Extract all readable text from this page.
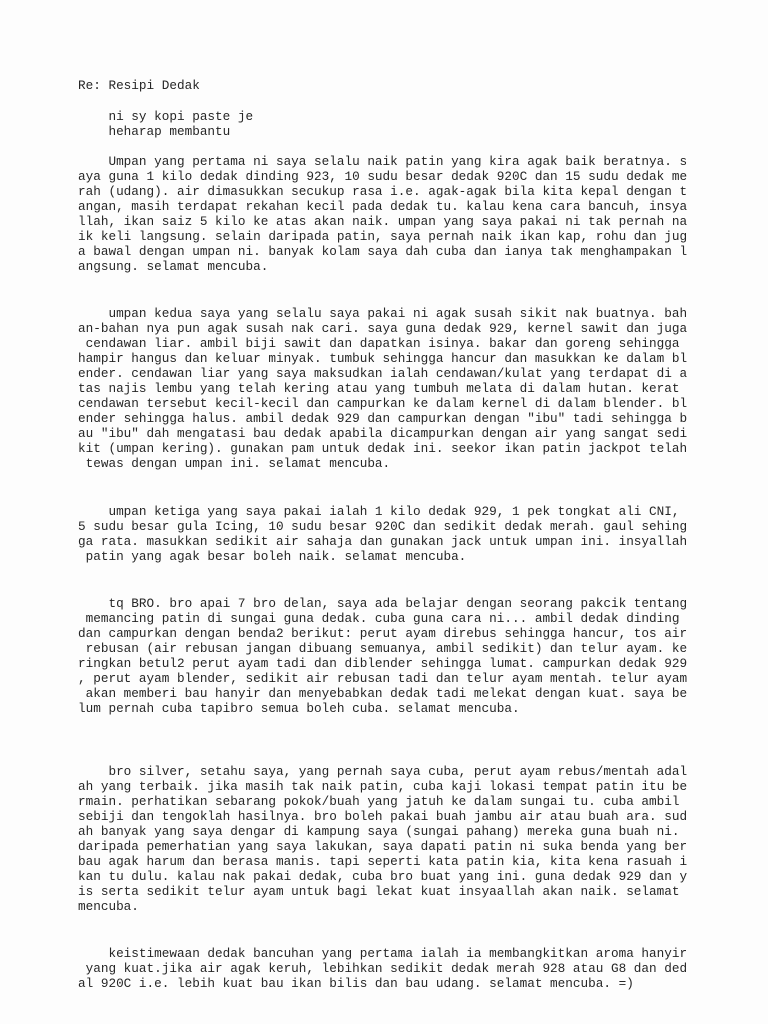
Re: Resipi Dedak

ni sy kopi paste je

heharap membantu

Umpan yang pertama ni saya selalu naik patin yang kira agak baik beratnya. s

aya guna 1 kilo dedak dinding 923, 10 sudu besar dedak 920C dan 15 sudu dedak me

rah (udang). air dimasukkan secukup rasa i.e. agak-agak bila kita kepal dengan t

angan, masih terdapat rekahan kecil pada dedak tu. kalau kena cara bancuh, insya

llah, ikan saiz 5 kilo ke atas akan naik. umpan yang saya pakai ni tak pernah na

ik keli langsung. selain daripada patin, saya pernah naik ikan kap, rohu dan jug

a bawal dengan umpan ni. banyak kolam saya dah cuba dan ianya tak menghampakan l

angsung. selamat mencuba.

umpan kedua saya yang selalu saya pakai ni agak susah sikit nak buatnya. bah

an-bahan nya pun agak susah nak cari. saya guna dedak 929, kernel sawit dan juga

cendawan liar. ambil biji sawit dan dapatkan isinya. bakar dan goreng sehingga

hampir hangus dan keluar minyak. tumbuk sehingga hancur dan masukkan ke dalam bl

ender. cendawan liar yang saya maksudkan ialah cendawan/kulat yang terdapat di a

tas najis lembu yang telah kering atau yang tumbuh melata di dalam hutan. kerat

cendawan tersebut kecil-kecil dan campurkan ke dalam kernel di dalam blender. bl

ender sehingga halus. ambil dedak 929 dan campurkan dengan "ibu" tadi sehingga b

au "ibu" dah mengatasi bau dedak apabila dicampurkan dengan air yang sangat sedi

kit (umpan kering). gunakan pam untuk dedak ini. seekor ikan patin jackpot telah

tewas dengan umpan ini. selamat mencuba.

umpan ketiga yang saya pakai ialah 1 kilo dedak 929, 1 pek tongkat ali CNI,

5 sudu besar gula Icing, 10 sudu besar 920C dan sedikit dedak merah. gaul sehing

ga rata. masukkan sedikit air sahaja dan gunakan jack untuk umpan ini. insyallah

patin yang agak besar boleh naik. selamat mencuba.

tq BRO. bro apai 7 bro delan, saya ada belajar dengan seorang pakcik tentang

memancing patin di sungai guna dedak. cuba guna cara ni... ambil dedak dinding

dan campurkan dengan benda2 berikut: perut ayam direbus sehingga hancur, tos air

rebusan (air rebusan jangan dibuang semuanya, ambil sedikit) dan telur ayam. ke

ringkan betul2 perut ayam tadi dan diblender sehingga lumat. campurkan dedak 929

, perut ayam blender, sedikit air rebusan tadi dan telur ayam mentah. telur ayam

akan memberi bau hanyir dan menyebabkan dedak tadi melekat dengan kuat. saya be

lum pernah cuba tapibro semua boleh cuba. selamat mencuba.

bro silver, setahu saya, yang pernah saya cuba, perut ayam rebus/mentah adal

ah yang terbaik. jika masih tak naik patin, cuba kaji lokasi tempat patin itu be

rmain. perhatikan sebarang pokok/buah yang jatuh ke dalam sungai tu. cuba ambil

sebiji dan tengoklah hasilnya. bro boleh pakai buah jambu air atau buah ara. sud

ah banyak yang saya dengar di kampung saya (sungai pahang) mereka guna buah ni.

daripada pemerhatian yang saya lakukan, saya dapati patin ni suka benda yang ber

bau agak harum dan berasa manis. tapi seperti kata patin kia, kita kena rasuah i

kan tu dulu. kalau nak pakai dedak, cuba bro buat yang ini. guna dedak 929 dan y

is serta sedikit telur ayam untuk bagi lekat kuat insyaallah akan naik. selamat

mencuba.

keistimewaan dedak bancuhan yang pertama ialah ia membangkitkan aroma hanyir

yang kuat.jika air agak keruh, lebihkan sedikit dedak merah 928 atau G8 dan ded

al 920C i.e. lebih kuat bau ikan bilis dan bau udang. selamat mencuba. =)
